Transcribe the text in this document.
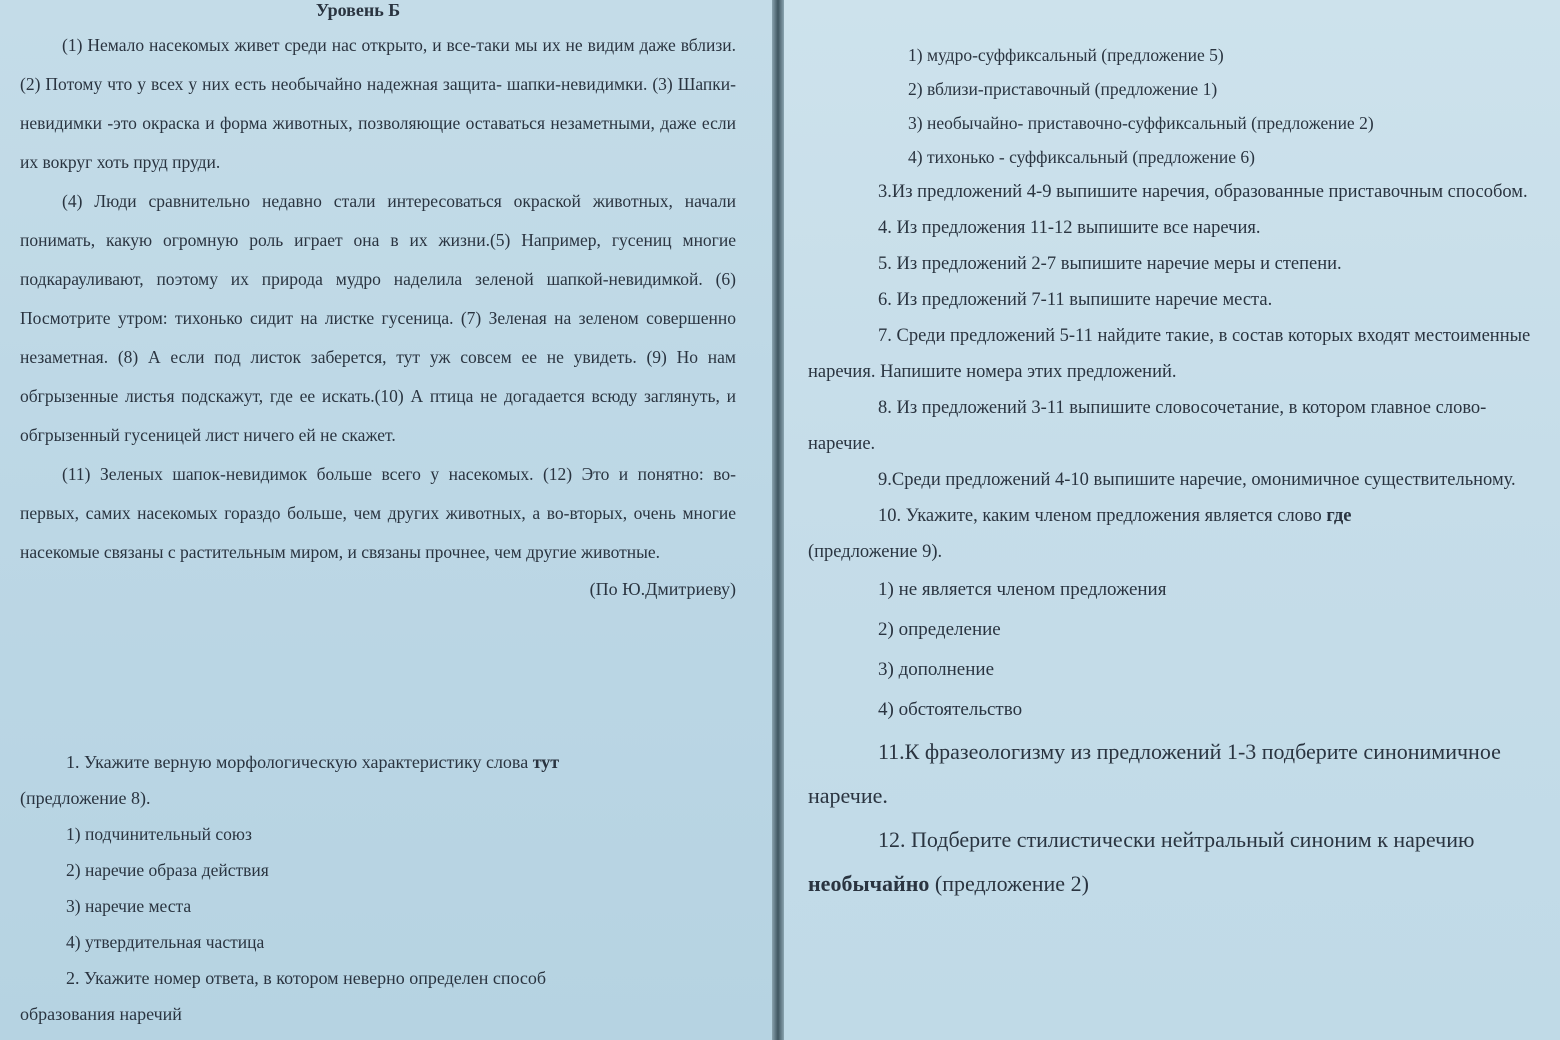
Уровень Б

(1) Немало насекомых живет среди нас открыто, и все-таки мы их не видим даже вблизи. (2) Потому что у всех у них есть необычайно надежная защита- шапки-невидимки. (3) Шапки-невидимки -это окраска и форма животных, позволяющие оставаться незаметными, даже если их вокруг хоть пруд пруди.

(4) Люди сравнительно недавно стали интересоваться окраской животных, начали понимать, какую огромную роль играет она в их жизни.(5) Например, гусениц многие подкарауливают, поэтому их природа мудро наделила зеленой шапкой-невидимкой. (6) Посмотрите утром: тихонько сидит на листке гусеница. (7) Зеленая на зеленом совершенно незаметная. (8) А если под листок заберется, тут уж совсем ее не увидеть. (9) Но нам обгрызенные листья подскажут, где ее искать.(10) А птица не догадается всюду заглянуть, и обгрызенный гусеницей лист ничего ей не скажет.

(11) Зеленых шапок-невидимок больше всего у насекомых. (12) Это и понятно: во-первых, самих насекомых гораздо больше, чем других животных, а во-вторых, очень многие насекомые связаны с растительным миром, и связаны прочнее, чем другие животные.

(По Ю.Дмитриеву)

1. Укажите верную морфологическую характеристику слова тут

(предложение 8).

1) подчинительный союз

2) наречие образа действия

3) наречие места

4) утвердительная частица

2. Укажите номер ответа, в котором неверно определен способ

образования наречий

1) мудро-суффиксальный (предложение 5)

2) вблизи-приставочный (предложение 1)

3) необычайно- приставочно-суффиксальный (предложение 2)

4) тихонько - суффиксальный (предложение 6)

3.Из предложений 4-9 выпишите наречия, образованные приставочным способом.

4. Из предложения 11-12 выпишите все наречия.

5. Из предложений 2-7 выпишите наречие меры и степени.

6. Из предложений 7-11 выпишите наречие места.

7. Среди предложений 5-11 найдите такие, в состав которых входят местоименные наречия. Напишите номера этих предложений.

8. Из предложений 3-11 выпишите словосочетание, в котором главное слово-наречие.

9.Среди предложений 4-10 выпишите наречие, омонимичное существительному.

10. Укажите, каким членом предложения является слово где

(предложение 9).

1) не является членом предложения

2) определение

3) дополнение

4) обстоятельство

11.К фразеологизму из предложений 1-3 подберите синонимичное наречие.

12. Подберите стилистически нейтральный синоним к наречию

необычайно (предложение 2)
